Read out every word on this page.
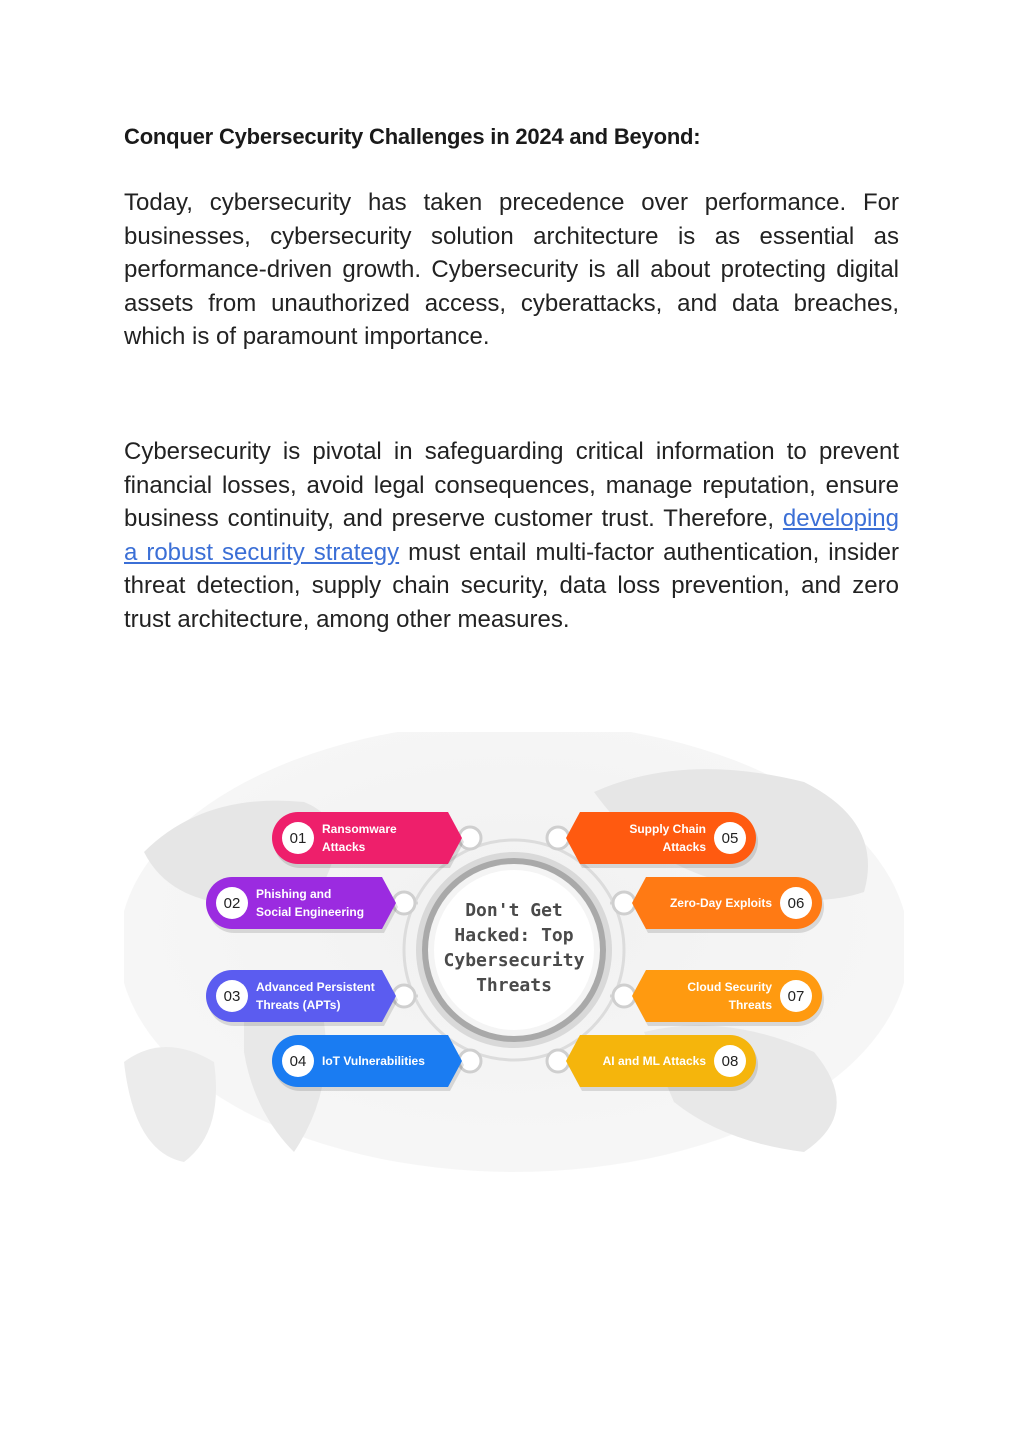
Conquer Cybersecurity Challenges in 2024 and Beyond:

Today, cybersecurity has taken precedence over performance. For businesses, cybersecurity solution architecture is as essential as performance-driven growth. Cybersecurity is all about protecting digital assets from unauthorized access, cyberattacks, and data breaches, which is of paramount importance.

Cybersecurity is pivotal in safeguarding critical information to prevent financial losses, avoid legal consequences, manage reputation, ensure business continuity, and preserve customer trust. Therefore, developing a robust security strategy must entail multi-factor authentication, insider threat detection, supply chain security, data loss prevention, and zero trust architecture, among other measures.

Don't Get
Hacked: Top
Cybersecurity
Threats
01
Ransomware
Attacks
02
Phishing and
Social Engineering
03
Advanced Persistent
Threats (APTs)
04 IoT Vulnerabilities
05
Supply Chain
Attacks
06
Zero-Day Exploits
07
Cloud Security
Threats
08
AI and ML Attacks
